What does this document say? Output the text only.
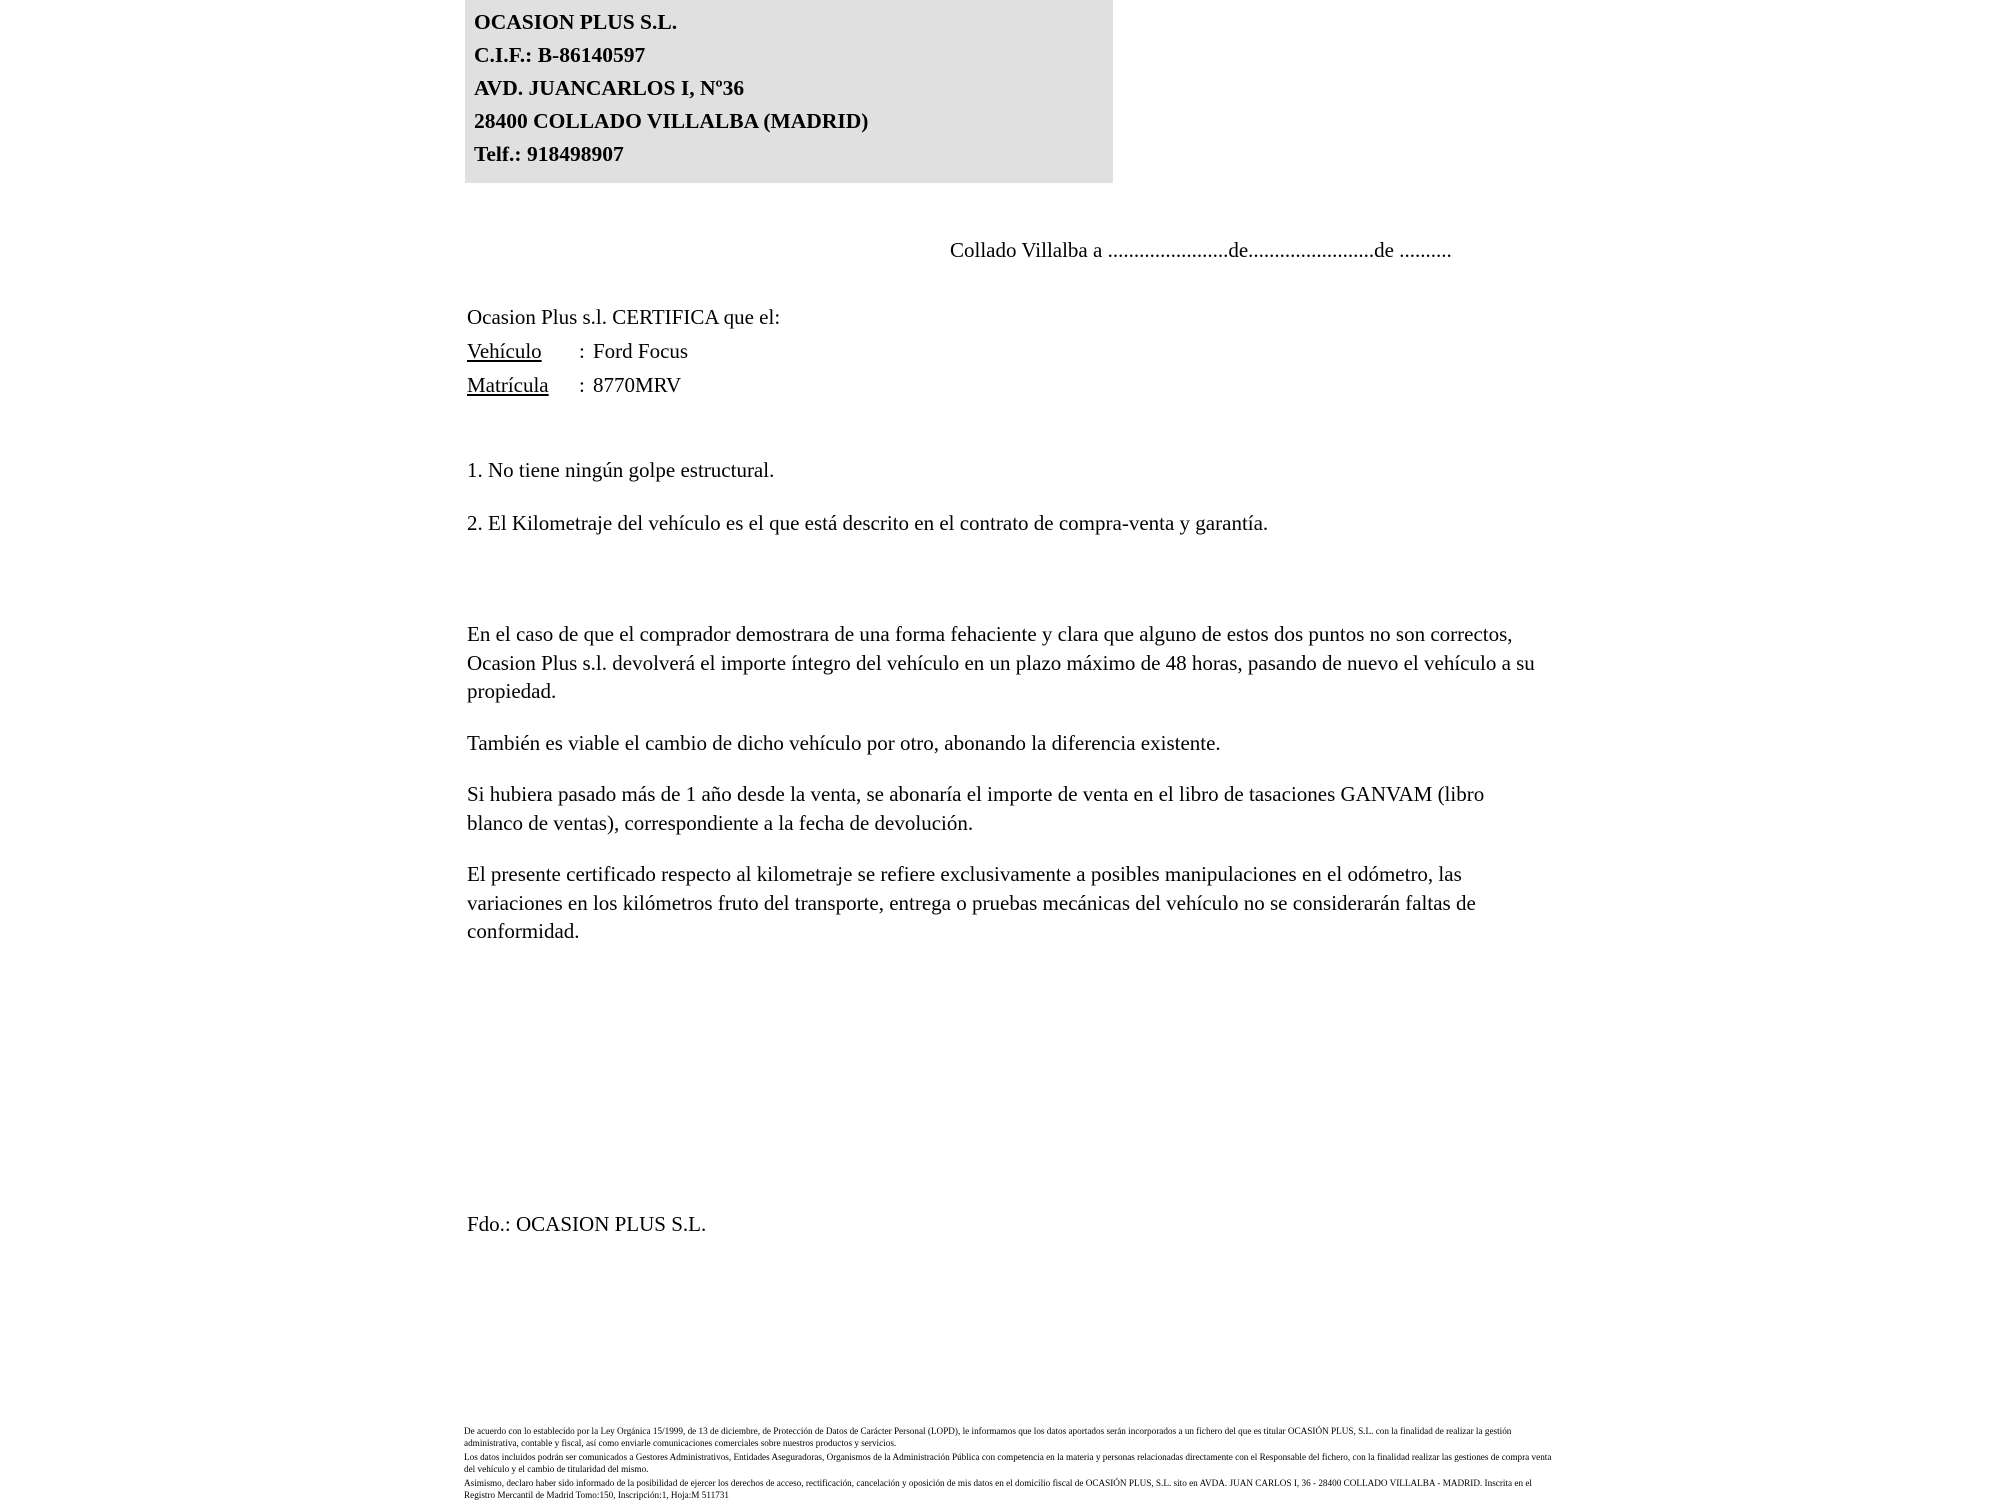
OCASION PLUS S.L.
C.I.F.: B-86140597
AVD. JUANCARLOS I, Nº36
28400 COLLADO VILLALBA (MADRID)
Telf.: 918498907
Collado Villalba a .......................de........................de ..........
Ocasion Plus s.l. CERTIFICA que el:
Vehículo : Ford Focus
Matrícula : 8770MRV
1. No tiene ningún golpe estructural.
2. El Kilometraje del vehículo es el que está descrito en el contrato de compra-venta y garantía.

En el caso de que el comprador demostrara de una forma fehaciente y clara que alguno de estos dos puntos no son correctos, Ocasion Plus s.l. devolverá el importe íntegro del vehículo en un plazo máximo de 48 horas, pasando de nuevo el vehículo a su propiedad.

También es viable el cambio de dicho vehículo por otro, abonando la diferencia existente.

Si hubiera pasado más de 1 año desde la venta, se abonaría el importe de venta en el libro de tasaciones GANVAM (libro blanco de ventas), correspondiente a la fecha de devolución.

El presente certificado respecto al kilometraje se refiere exclusivamente a posibles manipulaciones en el odómetro, las variaciones en los kilómetros fruto del transporte, entrega o pruebas mecánicas del vehículo no se considerarán faltas de conformidad.

Fdo.: OCASION PLUS S.L.

De acuerdo con lo establecido por la Ley Orgánica 15/1999, de 13 de diciembre, de Protección de Datos de Carácter Personal (LOPD), le informamos que los datos aportados serán incorporados a un fichero del que es titular OCASIÓN PLUS, S.L. con la finalidad de realizar la gestión administrativa, contable y fiscal, así como enviarle comunicaciones comerciales sobre nuestros productos y servicios.

Los datos incluidos podrán ser comunicados a Gestores Administrativos, Entidades Aseguradoras, Organismos de la Administración Pública con competencia en la materia y personas relacionadas directamente con el Responsable del fichero, con la finalidad realizar las gestiones de compra venta del vehículo y el cambio de titularidad del mismo.

Asimismo, declaro haber sido informado de la posibilidad de ejercer los derechos de acceso, rectificación, cancelación y oposición de mis datos en el domicilio fiscal de OCASIÓN PLUS, S.L. sito en AVDA. JUAN CARLOS I, 36 - 28400 COLLADO VILLALBA - MADRID. Inscrita en el Registro Mercantil de Madrid Tomo:150, Inscripción:1, Hoja:M 511731
